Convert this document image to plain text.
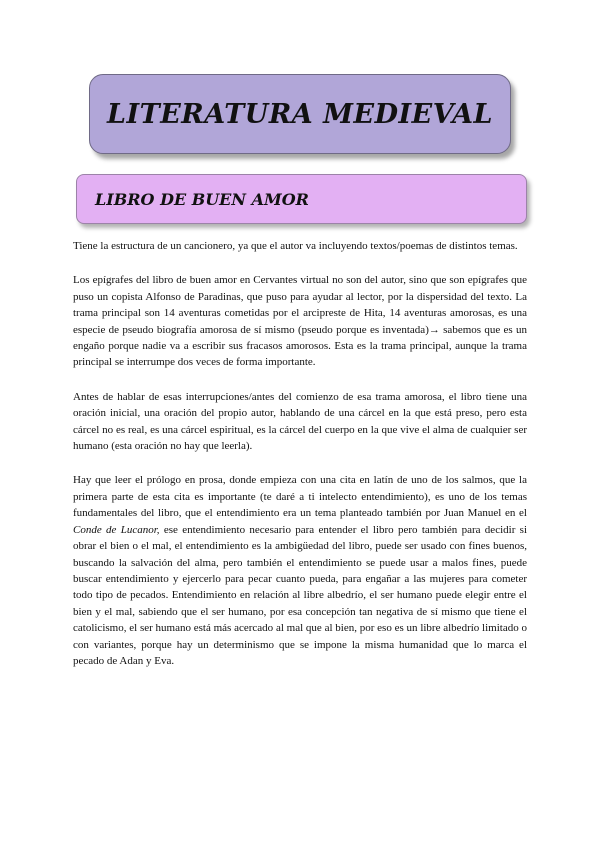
LITERATURA MEDIEVAL
LIBRO DE BUEN AMOR

Tiene la estructura de un cancionero, ya que el autor va incluyendo textos/poemas de distintos temas.

Los epígrafes del libro de buen amor en Cervantes virtual no son del autor, sino que son epígrafes que puso un copista Alfonso de Paradinas, que puso para ayudar al lector, por la dispersidad del texto. La trama principal son 14 aventuras cometidas por el arcipreste de Hita, 14 aventuras amorosas, es una especie de pseudo biografía amorosa de sí mismo (pseudo porque es inventada)→ sabemos que es un engaño porque nadie va a escribir sus fracasos amorosos. Esta es la trama principal, aunque la trama principal se interrumpe dos veces de forma importante.

Antes de hablar de esas interrupciones/antes del comienzo de esa trama amorosa, el libro tiene una oración inicial, una oración del propio autor, hablando de una cárcel en la que está preso, pero esta cárcel no es real, es una cárcel espiritual, es la cárcel del cuerpo en la que vive el alma de cualquier ser humano (esta oración no hay que leerla).

Hay que leer el prólogo en prosa, donde empieza con una cita en latín de uno de los salmos, que la primera parte de esta cita es importante (te daré a ti intelecto entendimiento), es uno de los temas fundamentales del libro, que el entendimiento era un tema planteado también por Juan Manuel en el Conde de Lucanor, ese entendimiento necesario para entender el libro pero también para decidir si obrar el bien o el mal, el entendimiento es la ambigüedad del libro, puede ser usado con fines buenos, buscando la salvación del alma, pero también el entendimiento se puede usar a malos fines, puede buscar entendimiento y ejercerlo para pecar cuanto pueda, para engañar a las mujeres para cometer todo tipo de pecados. Entendimiento en relación al libre albedrío, el ser humano puede elegir entre el bien y el mal, sabiendo que el ser humano, por esa concepción tan negativa de sí mismo que tiene el catolicismo, el ser humano está más acercado al mal que al bien, por eso es un libre albedrío limitado o con variantes, porque hay un determinismo que se impone la misma humanidad que lo marca el pecado de Adan y Eva.
